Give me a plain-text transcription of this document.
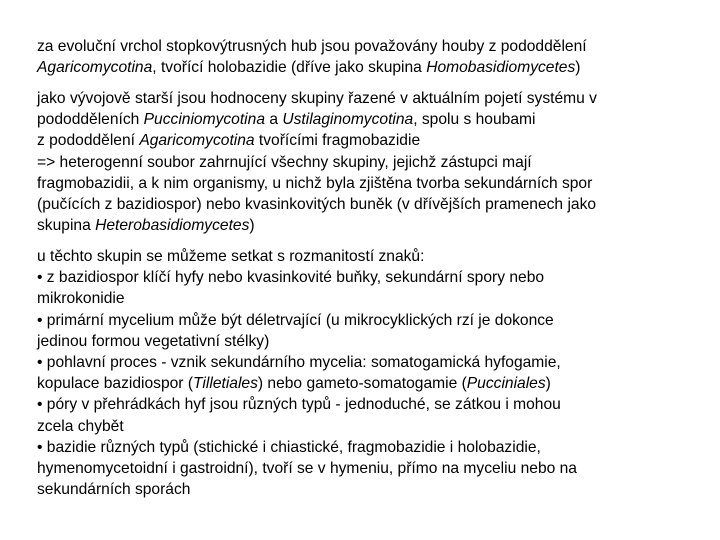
za evoluční vrchol stopkovýtrusných hub jsou považovány houby z pododdělení
Agaricomycotina, tvořící holobazidie (dříve jako skupina Homobasidiomycetes)

jako vývojově starší jsou hodnoceny skupiny řazené v aktuálním pojetí systému v
pododděleních Pucciniomycotina a Ustilaginomycotina, spolu s houbami
z pododdělení Agaricomycotina tvořícími fragmobazidie
=> heterogenní soubor zahrnující všechny skupiny, jejichž zástupci mají
fragmobazidii, a k nim organismy, u nichž byla zjištěna tvorba sekundárních spor
(pučících z bazidiospor) nebo kvasinkovitých buněk (v dřívějších pramenech jako
skupina Heterobasidiomycetes)

u těchto skupin se můžeme setkat s rozmanitostí znaků:
• z bazidiospor klíčí hyfy nebo kvasinkovité buňky, sekundární spory nebo
mikrokonidie
• primární mycelium může být déletrvající (u mikrocyklických rzí je dokonce
jedinou formou vegetativní stélky)
• pohlavní proces - vznik sekundárního mycelia: somatogamická hyfogamie,
kopulace bazidiospor (Tilletiales) nebo gameto-somatogamie (Pucciniales)
• póry v přehrádkách hyf jsou různých typů - jednoduché, se zátkou i mohou
zcela chybět
• bazidie různých typů (stichické i chiastické, fragmobazidie i holobazidie,
hymenomycetoidní i gastroidní), tvoří se v hymeniu, přímo na myceliu nebo na
sekundárních sporách
